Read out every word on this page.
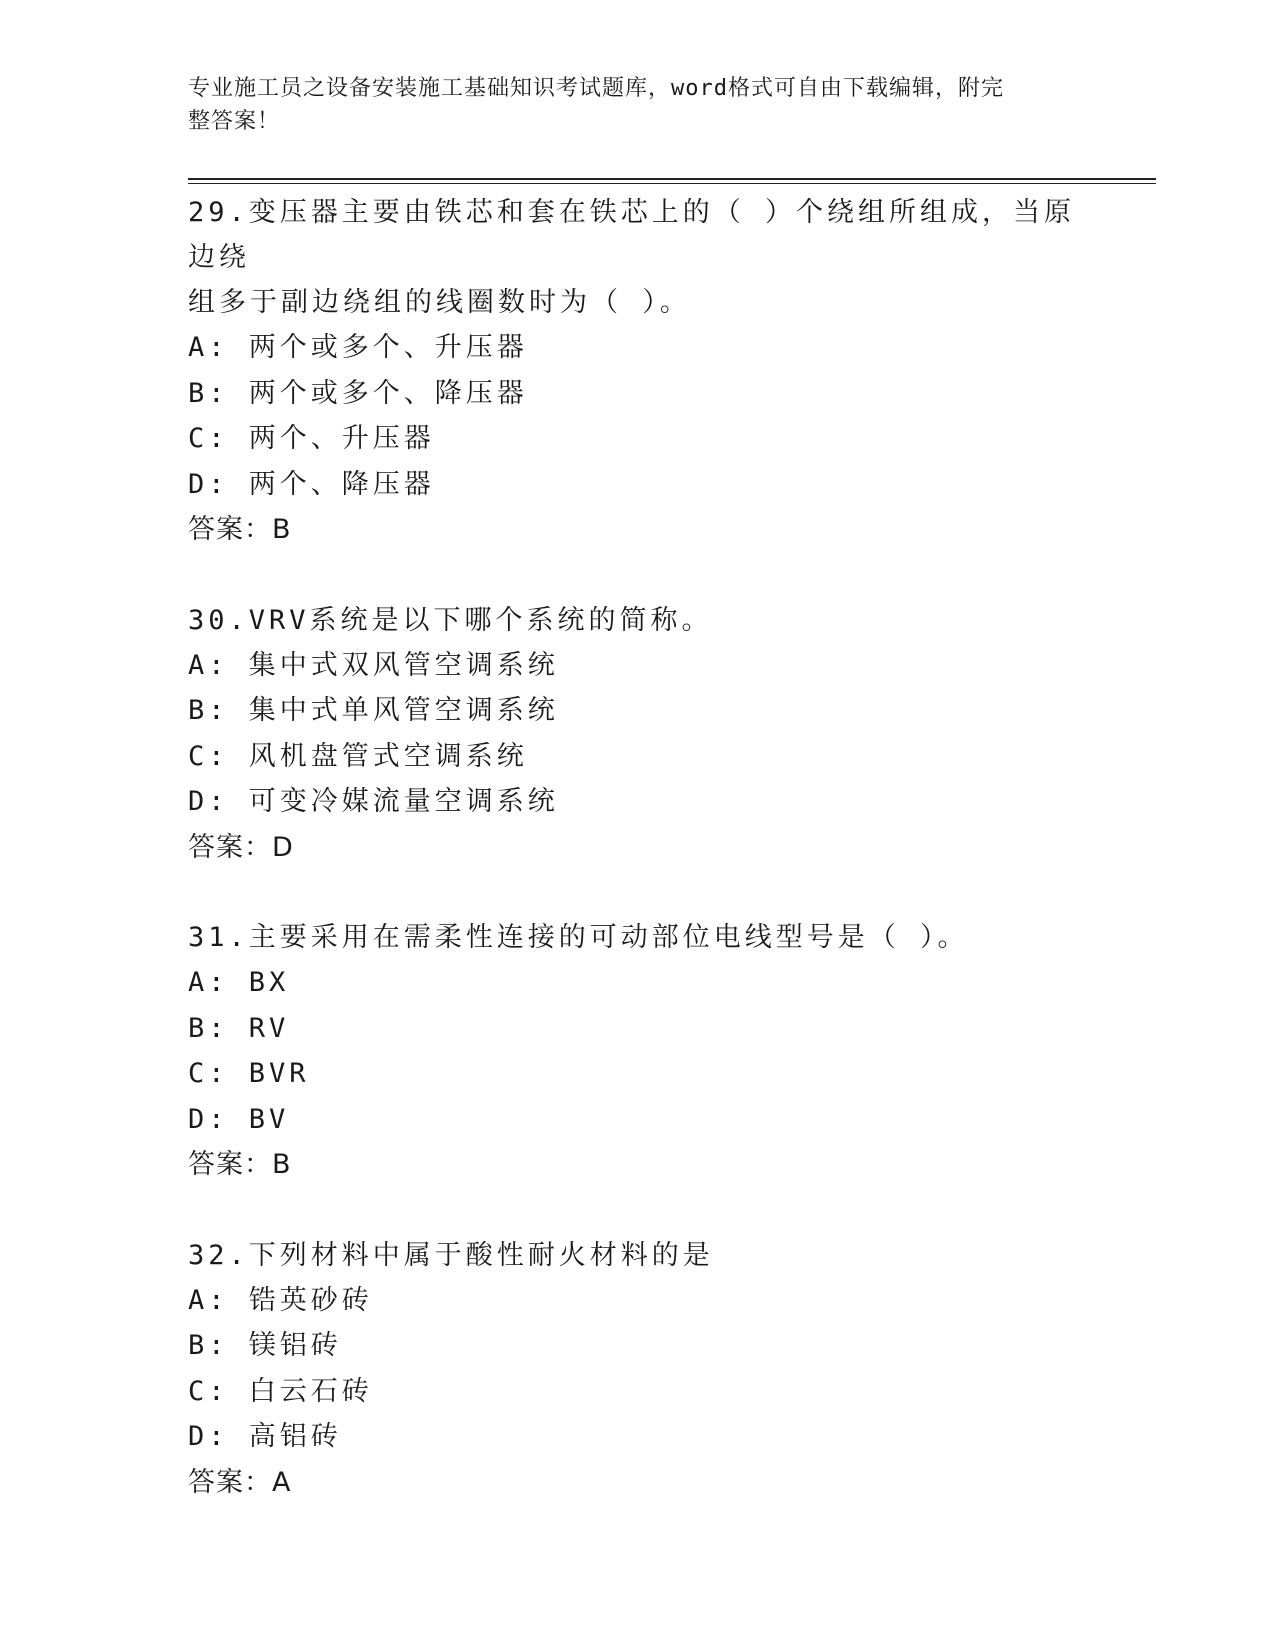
专业施工员之设备安装施工基础知识考试题库，word格式可自由下载编辑，附完
整答案！

29.变压器主要由铁芯和套在铁芯上的（ ）个绕组所组成，当原边绕

组多于副边绕组的线圈数时为（ ）。

A: 两个或多个、升压器

B: 两个或多个、降压器

C: 两个、升压器

D: 两个、降压器

答案：B

30.VRV系统是以下哪个系统的简称。

A: 集中式双风管空调系统

B: 集中式单风管空调系统

C: 风机盘管式空调系统

D: 可变冷媒流量空调系统

答案：D

31.主要采用在需柔性连接的可动部位电线型号是（ ）。

A: BX

B: RV

C: BVR

D: BV

答案：B

32.下列材料中属于酸性耐火材料的是

A: 锆英砂砖

B: 镁铝砖

C: 白云石砖

D: 高铝砖

答案：A
